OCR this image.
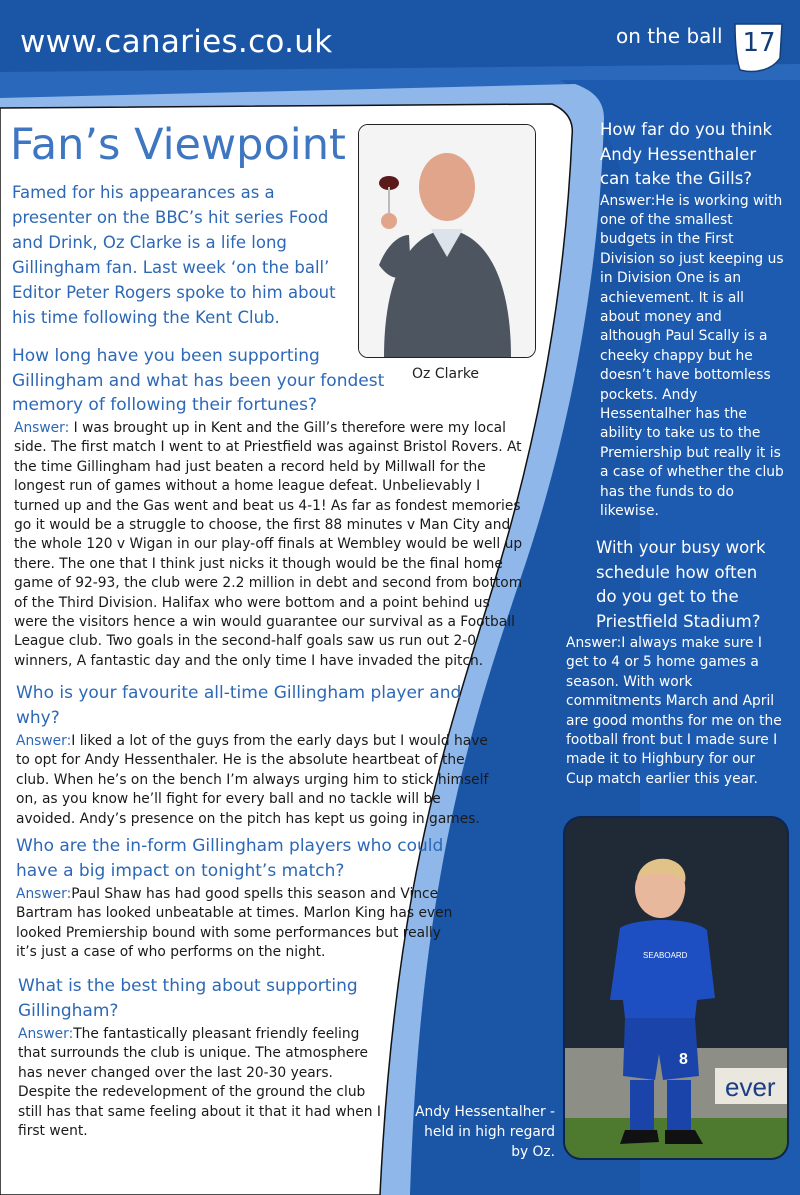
www.canaries.co.uk	on the ball 17
Fan’s Viewpoint
Famed for his appearances as a presenter on the BBC’s hit series Food and Drink, Oz Clarke is a life long Gillingham fan. Last week ‘on the ball’ Editor Peter Rogers spoke to him about his time following the Kent Club.
Oz Clarke
How long have you been supporting Gillingham and what has been your fondest memory of following their fortunes?
Answer: I was brought up in Kent and the Gill’s therefore were my local side. The first match I went to at Priestfield was against Bristol Rovers. At the time Gillingham had just beaten a record held by Millwall for the longest run of games without a home league defeat. Unbelievably I turned up and the Gas went and beat us 4-1! As far as fondest memories go it would be a struggle to choose, the first 88 minutes v Man City and the whole 120 v Wigan in our play-off finals at Wembley would be well up there. The one that I think just nicks it though would be the final home game of 92-93, the club were 2.2 million in debt and second from bottom of the Third Division. Halifax who were bottom and a point behind us were the visitors hence a win would guarantee our survival as a Football League club. Two goals in the second-half goals saw us run out 2-0 winners, A fantastic day and the only time I have invaded the pitch.
Who is your favourite all-time Gillingham player and why?
Answer:I liked a lot of the guys from the early days but I would have to opt for Andy Hessenthaler. He is the absolute heartbeat of the club. When he’s on the bench I’m always urging him to stick himself on, as you know he’ll fight for every ball and no tackle will be avoided. Andy’s presence on the pitch has kept us going in games.
Who are the in-form Gillingham players who could have a big impact on tonight’s match?
Answer:Paul Shaw has had good spells this season and Vince Bartram has looked unbeatable at times. Marlon King has even looked Premiership bound with some performances but really it’s just a case of who performs on the night.
What is the best thing about supporting Gillingham?
Answer:The fantastically pleasant friendly feeling that surrounds the club is unique. The atmosphere has never changed over the last 20-30 years. Despite the redevelopment of the ground the club still has that same feeling about it that it had when I first went.
How far do you think Andy Hessenthaler can take the Gills?
Answer:He is working with one of the smallest budgets in the First Division so just keeping us in Division One is an achievement. It is all about money and although Paul Scally is a cheeky chappy but he doesn’t have bottomless pockets. Andy Hessentalher has the ability to take us to the Premiership but really it is a case of whether the club has the funds to do likewise.
With your busy work schedule how often do you get to the Priestfield Stadium?
Answer:I always make sure I get to 4 or 5 home games a season. With work commitments March and April are good months for me on the football front but I made sure I made it to Highbury for our Cup match earlier this year.
ever
SEABOARD
8
Andy Hessentalher - held in high regard by Oz.
